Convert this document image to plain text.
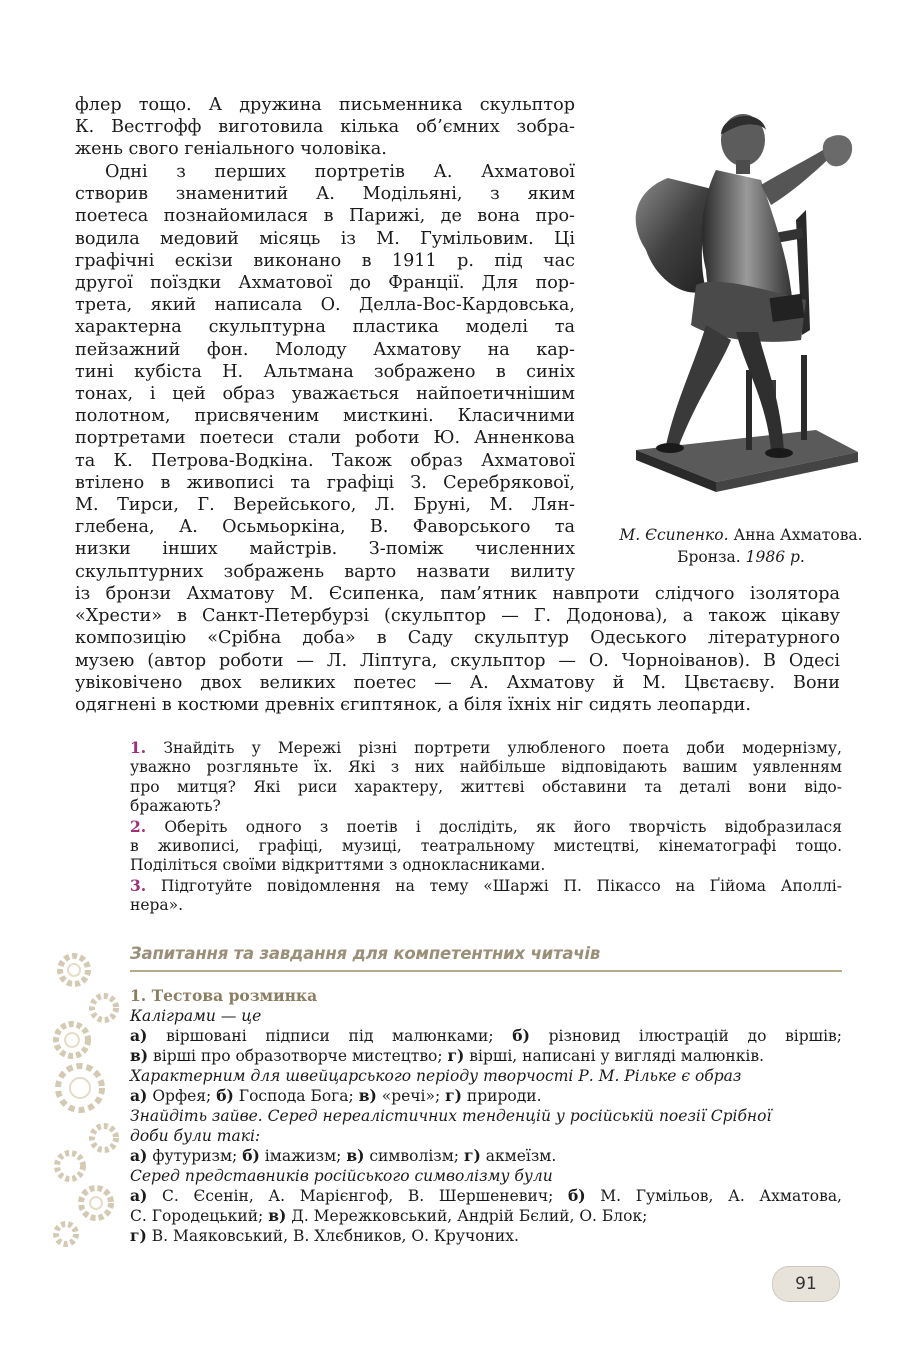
флер тощо. А дружина письменника скульптор
К. Вестгофф виготовила кілька об’ємних зобра-
жень свого геніального чоловіка.

Одні з перших портретів А. Ахматової
створив знаменитий А. Модільяні, з яким
поетеса познайомилася в Парижі, де вона про-
водила медовий місяць із М. Гумільовим. Ці
графічні ескізи виконано в 1911 р. під час
другої поїздки Ахматової до Франції. Для пор-
трета, який написала О. Делла-Вос-Кардовська,
характерна скульптурна пластика моделі та
пейзажний фон. Молоду Ахматову на кар-
тині кубіста Н. Альтмана зображено в синіх
тонах, і цей образ уважається найпоетичнішим
полотном, присвяченим мисткині. Класичними
портретами поетеси стали роботи Ю. Анненкова
та К. Петрова-Водкіна. Також образ Ахматової
втілено в живописі та графіці З. Серебрякової,
М. Тирси, Г. Верейського, Л. Бруні, М. Лян-
глебена, А. Осьмьоркіна, В. Фаворського та
низки інших майстрів. З-поміж численних
скульптурних зображень варто назвати вилиту

із бронзи Ахматову М. Єсипенка, пам’ятник навпроти слідчого ізолятора
«Хрести» в Санкт-Петербурзі (скульптор — Г. Додонова), а також цікаву
композицію «Срібна доба» в Саду скульптур Одеського літературного
музею (автор роботи — Л. Ліптуга, скульптор — О. Чорноіванов). В Одесі
увіковічено двох великих поетес — А. Ахматову й М. Цвєтаєву. Вони
одягнені в костюми древніх єгиптянок, а біля їхніх ніг сидять леопарди.

М. Єсипенко. Анна Ахматова.
Бронза. 1986 р.
1. Знайдіть у Мережі різні портрети улюбленого поета доби модернізму,
уважно розгляньте їх. Які з них найбільше відповідають вашим уявленням
про митця? Які риси характеру, життєві обставини та деталі вони відо-
бражають?
2. Оберіть одного з поетів і дослідіть, як його творчість відобразилася
в живописі, графіці, музиці, театральному мистецтві, кінематографі тощо.
Поділіться своїми відкриттями з однокласниками.
3. Підготуйте повідомлення на тему «Шаржі П. Пікассо на Ґійома Аполлі-
нера».
Запитання та завдання для компетентних читачів
1. Тестова розминка
Каліграми — це
а) віршовані підписи під малюнками; б) різновид ілюстрацій до віршів;
в) вірші про образотворче мистецтво; г) вірші, написані у вигляді малюнків.
Характерним для швейцарського періоду творчості Р. М. Рільке є образ
а) Орфея; б) Господа Бога; в) «речі»; г) природи.
Знайдіть зайве. Серед нереалістичних тенденцій у російській поезії Срібної
доби були такі:
а) футуризм; б) імажизм; в) символізм; г) акмеїзм.
Серед представників російського символізму були
а) С. Єсенін, А. Марієнгоф, В. Шершеневич; б) М. Гумільов, А. Ахматова,
С. Городецький; в) Д. Мережковський, Андрій Бєлий, О. Блок;
г) В. Маяковський, В. Хлєбников, О. Кручоних.
91
